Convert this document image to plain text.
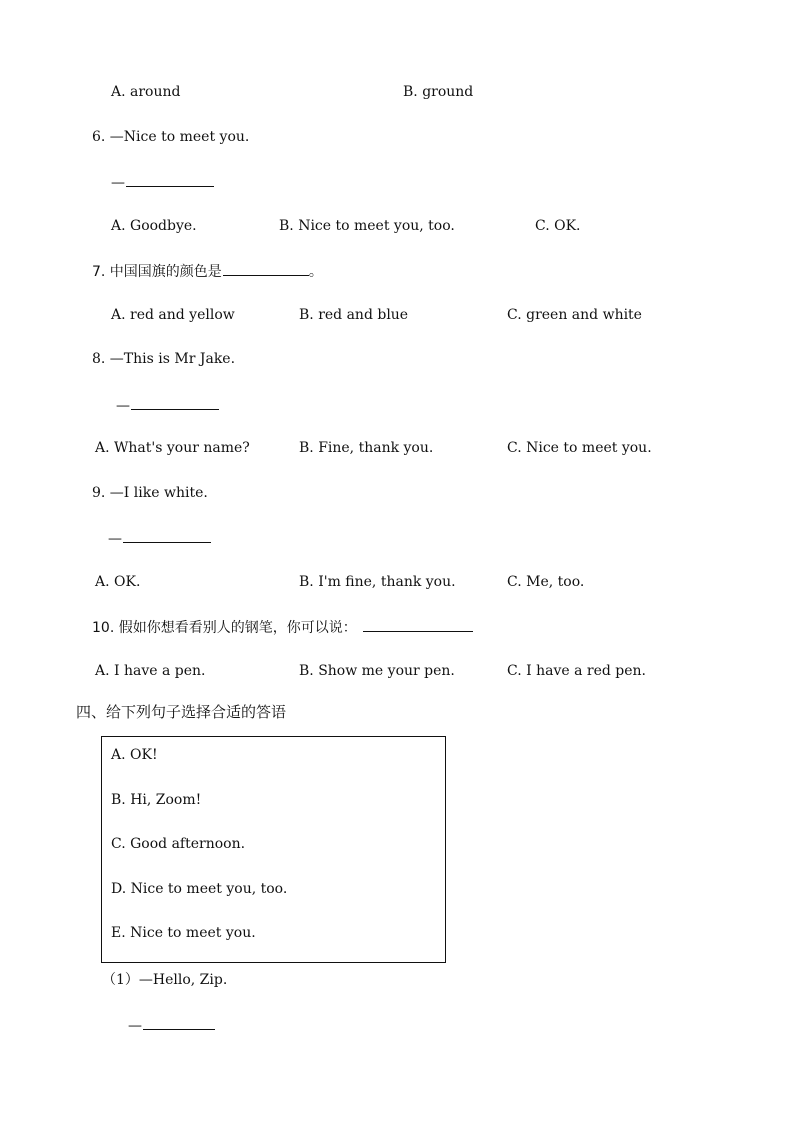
A. around	B. ground
6. —Nice to meet you.
—
A. Goodbye.	B. Nice to meet you, too.	C. OK.
7. 中国国旗的颜色是	。
A. red and yellow	B. red and blue	C. green and white
8. —This is Mr Jake.
—
A. What's your name?	B. Fine, thank you.	C. Nice to meet you.
9. —I like white.
—
A. OK.	B. I'm fine, thank you.	C. Me, too.
10. 假如你想看看别人的钢笔，你可以说：
A. I have a pen.	B. Show me your pen.	C. I have a red pen.
四、给下列句子选择合适的答语
A. OK!
B. Hi, Zoom!
C. Good afternoon.
D. Nice to meet you, too.
E. Nice to meet you.
（1）—Hello, Zip.
—
